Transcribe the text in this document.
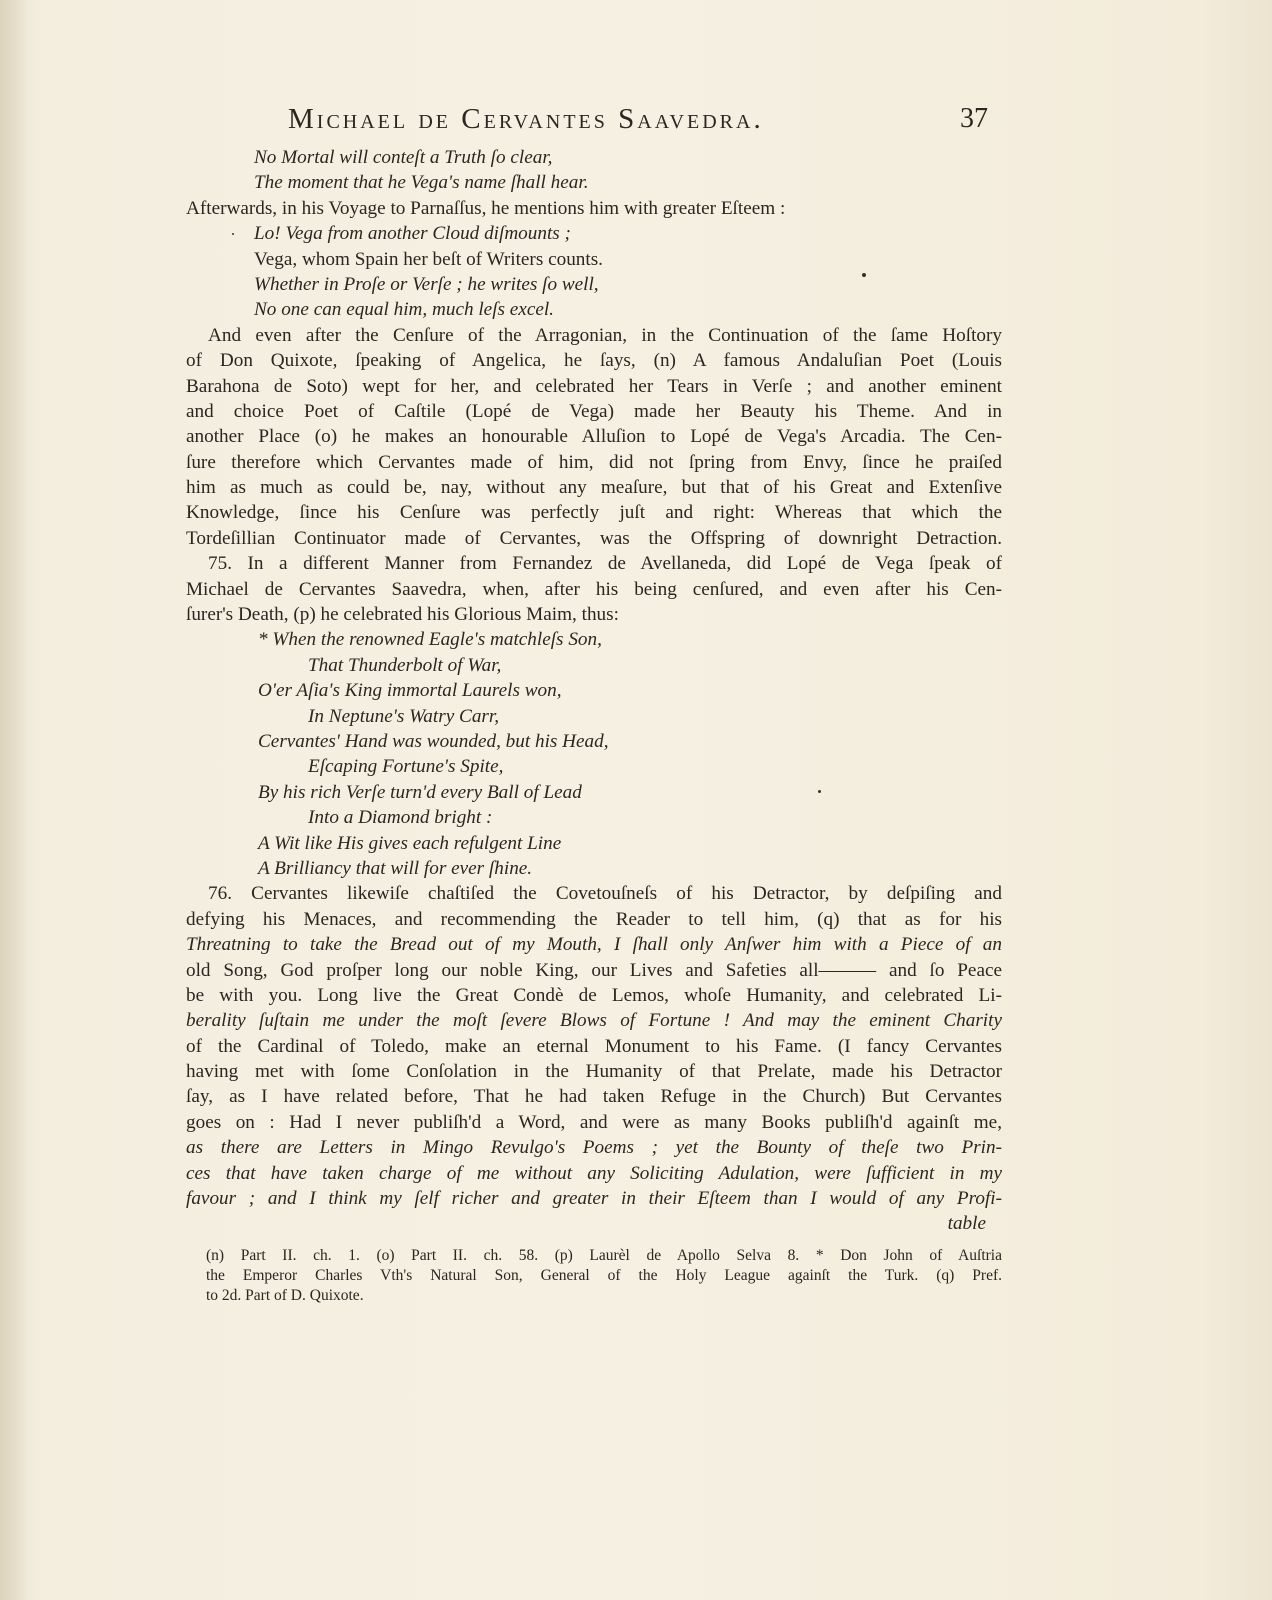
Michael de Cervantes Saavedra.	37
No Mortal will conteſt a Truth ſo clear,
The moment that he Vega's name ſhall hear.
Afterwards, in his Voyage to Parnaſſus, he mentions him with greater Eſteem :
Lo! Vega from another Cloud diſmounts ;
Vega, whom Spain her beſt of Writers counts.
Whether in Proſe or Verſe ; he writes ſo well,
No one can equal him, much leſs excel.
And even after the Cenſure of the Arragonian, in the Continuation of the ſame Hoſtory
of Don Quixote, ſpeaking of Angelica, he ſays, (n) A famous Andaluſian Poet (Louis
Barahona de Soto) wept for her, and celebrated her Tears in Verſe ; and another eminent
and choice Poet of Caſtile (Lopé de Vega) made her Beauty his Theme. And in
another Place (o) he makes an honourable Alluſion to Lopé de Vega's Arcadia. The Cen-
ſure therefore which Cervantes made of him, did not ſpring from Envy, ſince he praiſed
him as much as could be, nay, without any meaſure, but that of his Great and Extenſive
Knowledge, ſince his Cenſure was perfectly juſt and right: Whereas that which the
Tordeſillian Continuator made of Cervantes, was the Offspring of downright Detraction.
75. In a different Manner from Fernandez de Avellaneda, did Lopé de Vega ſpeak of
Michael de Cervantes Saavedra, when, after his being cenſured, and even after his Cen-
ſurer's Death, (p) he celebrated his Glorious Maim, thus:
* When the renowned Eagle's matchleſs Son,
That Thunderbolt of War,
O'er Aſia's King immortal Laurels won,
In Neptune's Watry Carr,
Cervantes' Hand was wounded, but his Head,
Eſcaping Fortune's Spite,
By his rich Verſe turn'd every Ball of Lead
Into a Diamond bright :
A Wit like His gives each refulgent Line
A Brilliancy that will for ever ſhine.
76. Cervantes likewiſe chaſtiſed the Covetouſneſs of his Detractor, by deſpiſing and
defying his Menaces, and recommending the Reader to tell him, (q) that as for his
Threatning to take the Bread out of my Mouth, I ſhall only Anſwer him with a Piece of an
old Song, God proſper long our noble King, our Lives and Safeties all——— and ſo Peace
be with you. Long live the Great Condè de Lemos, whoſe Humanity, and celebrated Li-
berality ſuſtain me under the moſt ſevere Blows of Fortune ! And may the eminent Charity
of the Cardinal of Toledo, make an eternal Monument to his Fame. (I fancy Cervantes
having met with ſome Conſolation in the Humanity of that Prelate, made his Detractor
ſay, as I have related before, That he had taken Refuge in the Church) But Cervantes
goes on : Had I never publiſh'd a Word, and were as many Books publiſh'd againſt me,
as there are Letters in Mingo Revulgo's Poems ; yet the Bounty of theſe two Prin-
ces that have taken charge of me without any Soliciting Adulation, were ſufficient in my
favour ; and I think my ſelf richer and greater in their Eſteem than I would of any Profi-
table
(n) Part II. ch. 1. (o) Part II. ch. 58. (p) Laurèl de Apollo Selva 8. * Don John of Auſtria
the Emperor Charles Vth's Natural Son, General of the Holy League againſt the Turk. (q) Pref.
to 2d. Part of D. Quixote.
